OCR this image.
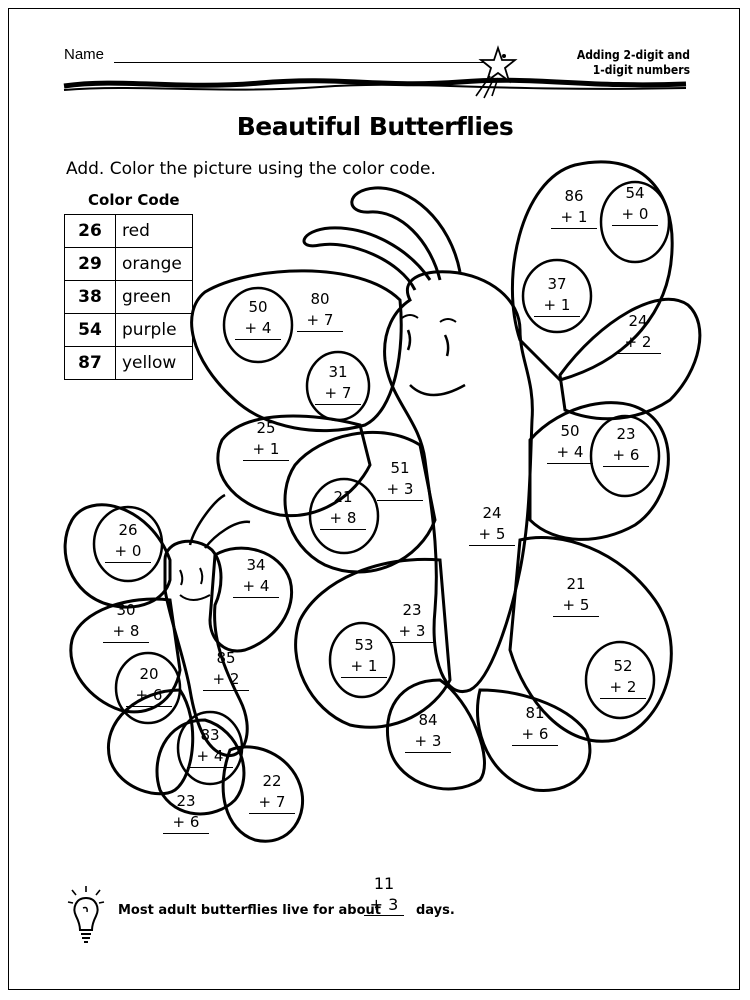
Name	Adding 2-digit and
1-digit numbers
Beautiful Butterflies
Add. Color the picture using the color code.
Color Code
26	red
29	orange
38	green
54	purple
87	yellow
86
+ 1
54
+ 0
50
+ 4
80
+ 7
37
+ 1
24
+ 2
31
+ 7
25
+ 1
50
+ 4
23
+ 6
51
+ 3
21
+ 8	24
+ 5
26
+ 0
34
+ 4	21
+ 5
30
+ 8
23
+ 3
53
+ 1
85
+ 2
20
+ 6
52
+ 2
84
+ 3
81
+ 6
83
+ 4
22
+ 7
23
+ 6
Most adult butterflies live for about
11
+ 3	days.
